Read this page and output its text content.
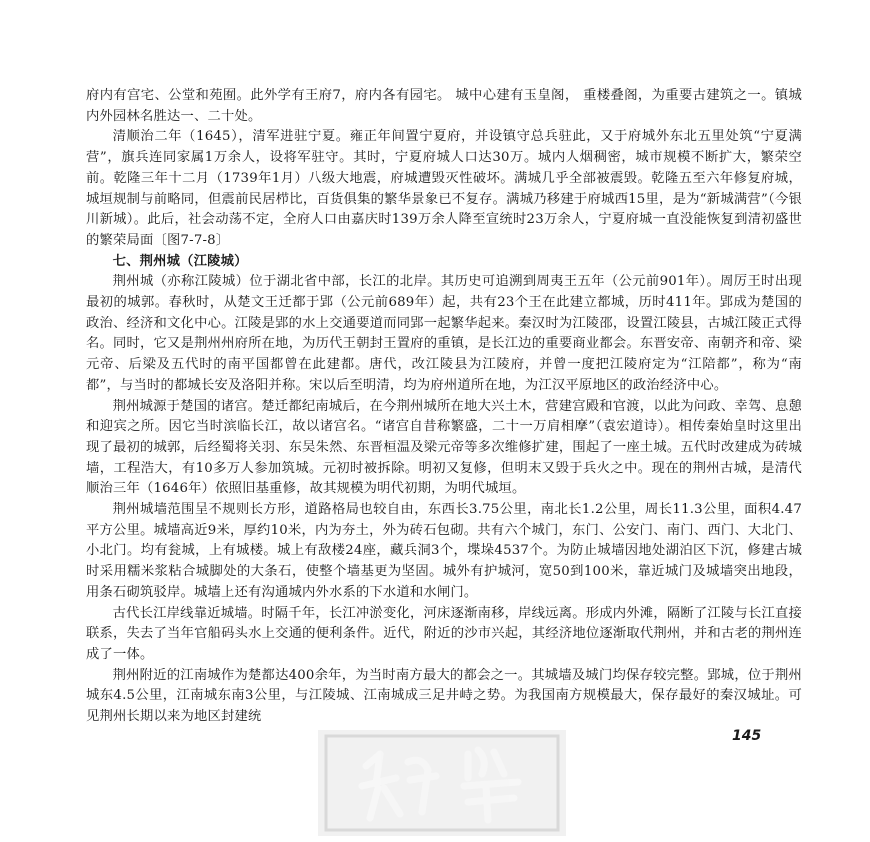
府内有宫宅、公堂和苑囿。此外学有王府7，府内各有园宅。 城中心建有玉皇阁， 重楼叠阁，为重要古建筑之一。镇城内外园林名胜达一、二十处。

清顺治二年（1645），清军进驻宁夏。雍正年间置宁夏府，并设镇守总兵驻此，又于府城外东北五里处筑“宁夏满营”，旗兵连同家属1万余人，设将军驻守。其时，宁夏府城人口达30万。城内人烟稠密，城市规模不断扩大，繁荣空前。乾隆三年十二月（1739年1月）八级大地震，府城遭毁灭性破坏。满城几乎全部被震毁。乾隆五至六年修复府城，城垣规制与前略同，但震前民居栉比，百货俱集的繁华景象已不复存。满城乃移建于府城西15里，是为“新城满营”（今银川新城）。此后，社会动荡不定，全府人口由嘉庆时139万余人降至宣统时23万余人，宁夏府城一直没能恢复到清初盛世的繁荣局面〔图7-7-8〕

七、荆州城（江陵城）

荆州城（亦称江陵城）位于湖北省中部，长江的北岸。其历史可追溯到周夷王五年（公元前901年）。周厉王时出现最初的城郭。春秋时，从楚文王迁都于郢（公元前689年）起，共有23个王在此建立都城，历时411年。郢成为楚国的政治、经济和文化中心。江陵是郢的水上交通要道而同郢一起繁华起来。秦汉时为江陵邵，设置江陵县，古城江陵正式得名。同时，它又是荆州州府所在地，为历代王朝封王置府的重镇，是长江边的重要商业都会。东晋安帝、南朝齐和帝、梁元帝、后梁及五代时的南平国都曾在此建都。唐代，改江陵县为江陵府，并曾一度把江陵府定为“江陪都”，称为“南都”，与当时的都城长安及洛阳并称。宋以后至明清，均为府州道所在地，为江汉平原地区的政治经济中心。

荆州城源于楚国的诸宫。楚迁都纪南城后，在今荆州城所在地大兴土木，营建宫殿和官渡，以此为问政、幸驾、息憩和迎宾之所。因它当时滨临长江，故以诸宫名。“诸宫自昔称繁盛，二十一万肩相摩”（袁宏道诗）。相传秦始皇时这里出现了最初的城郭，后经蜀将关羽、东吴朱然、东晋桓温及梁元帝等多次维修扩建，围起了一座土城。五代时改建成为砖城墙，工程浩大，有10多万人参加筑城。元初时被拆除。明初又复修，但明末又毁于兵火之中。现在的荆州古城，是清代顺治三年（1646年）依照旧基重修，故其规模为明代初期，为明代城垣。

荆州城墙范围呈不规则长方形，道路格局也较自由，东西长3.75公里，南北长1.2公里，周长11.3公里，面积4.47平方公里。城墙高近9米，厚约10米，内为夯土，外为砖石包砌。共有六个城门，东门、公安门、南门、西门、大北门、小北门。均有瓮城，上有城楼。城上有敌楼24座，藏兵洞3个，堞垛4537个。为防止城墙因地处湖泊区下沉，修建古城时采用糯米浆粘合城脚处的大条石，使整个墙基更为坚固。城外有护城河，宽50到100米，靠近城门及城墙突出地段，用条石砌筑驳岸。城墙上还有沟通城内外水系的下水道和水闸门。

古代长江岸线靠近城墙。时隔千年，长江冲淤变化，河床逐渐南移，岸线远离。形成内外滩，隔断了江陵与长江直接联系，失去了当年官船码头水上交通的便利条件。近代，附近的沙市兴起，其经济地位逐渐取代荆州，并和古老的荆州连成了一体。

荆州附近的江南城作为楚都达400余年，为当时南方最大的都会之一。其城墙及城门均保存较完整。郢城，位于荆州城东4.5公里，江南城东南3公里，与江陵城、江南城成三足井峙之势。为我国南方规模最大，保存最好的秦汉城址。可见荆州长期以来为地区封建统

145
